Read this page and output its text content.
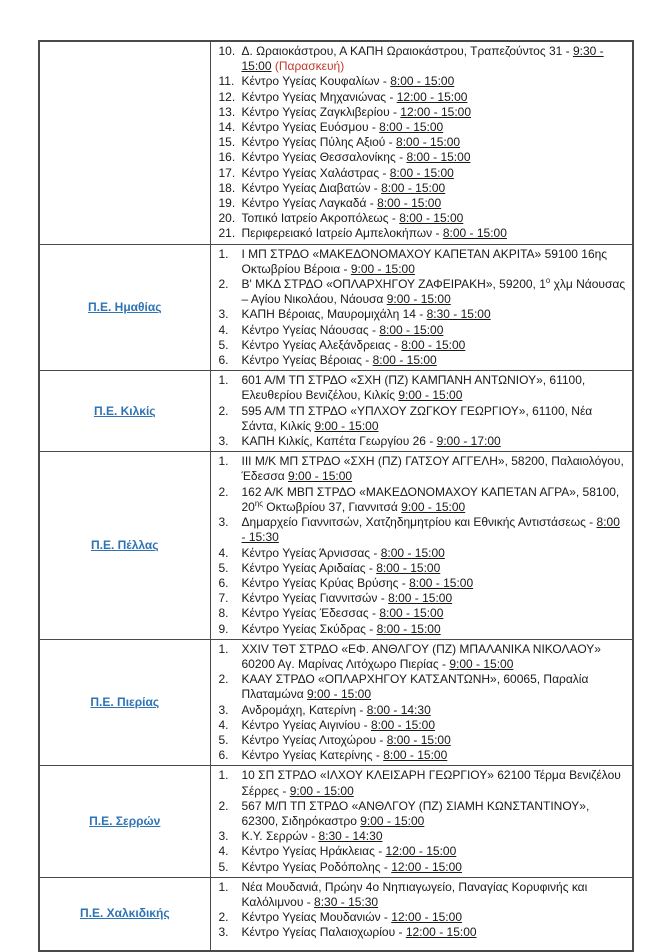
10. Δ. Ωραιοκάστρου, Α ΚΑΠΗ Ωραιοκάστρου, Τραπεζούντος 31 - 9:30 - 15:00 (Παρασκευή)
11. Κέντρο Υγείας Κουφαλίων - 8:00 - 15:00
12. Κέντρο Υγείας Μηχανιώνας - 12:00 - 15:00
13. Κέντρο Υγείας Ζαγκλιβερίου - 12:00 - 15:00
14. Κέντρο Υγείας Ευόσμου - 8:00 - 15:00
15. Κέντρο Υγείας Πύλης Αξιού - 8:00 - 15:00
16. Κέντρο Υγείας Θεσσαλονίκης - 8:00 - 15:00
17. Κέντρο Υγείας Χαλάστρας - 8:00 - 15:00
18. Κέντρο Υγείας Διαβατών - 8:00 - 15:00
19. Κέντρο Υγείας Λαγκαδά - 8:00 - 15:00
20. Τοπικό Ιατρείο Ακροπόλεως - 8:00 - 15:00
21. Περιφερειακό Ιατρείο Αμπελοκήπων - 8:00 - 15:00

Π.Ε. Ημαθίας	
1.	Ι ΜΠ ΣΤΡΔΟ «ΜΑΚΕΔΟΝΟΜΑΧΟΥ ΚΑΠΕΤΑΝ ΑΚΡΙΤΑ» 59100 16ης Οκτωβρίου Βέροια - 9:00 - 15:00
2.	Β' ΜΚΔ ΣΤΡΔΟ «ΟΠΛΑΡΧΗΓΟΥ ΖΑΦΕΙΡΑΚΗ», 59200, $1^o$ χλμ Νάουσας – Αγίου Νικολάου, Νάουσα 9:00 - 15:00
3.	ΚΑΠΗ Βέροιας, Μαυρομιχάλη 14 - 8:30 - 15:00
4.	Κέντρο Υγείας Νάουσας - 8:00 - 15:00
5.	Κέντρο Υγείας Αλεξάνδρειας - 8:00 - 15:00
6.	Κέντρο Υγείας Βέροιας - 8:00 - 15:00

Π.Ε. Κιλκίς	
1.	601 Α/Μ ΤΠ ΣΤΡΔΟ «ΣΧΗ (ΠΖ) ΚΑΜΠΑΝΗ ΑΝΤΩΝΙΟΥ», 61100, Ελευθερίου Βενιζέλου, Κιλκίς 9:00 - 15:00
2.	595 Α/Μ ΤΠ ΣΤΡΔΟ «ΥΠΛΧΟΥ ΖΩΓΚΟΥ ΓΕΩΡΓΙΟΥ», 61100, Νέα Σάντα, Κιλκίς 9:00 - 15:00
3.	ΚΑΠΗ Κιλκίς, Καπέτα Γεωργίου 26 - 9:00 - 17:00

Π.Ε. Πέλλας	
1.	III Μ/Κ ΜΠ ΣΤΡΔΟ «ΣΧΗ (ΠΖ) ΓΑΤΣΟΥ ΑΓΓΕΛΗ», 58200, Παλαιολόγου, Έδεσσα 9:00 - 15:00
2.	162 Α/Κ ΜΒΠ ΣΤΡΔΟ «ΜΑΚΕΔΟΝΟΜΑΧΟΥ ΚΑΠΕΤΑΝ ΑΓΡΑ», 58100, $20^{\eta\varsigma}$ Οκτωβρίου 37, Γιαννιτσά 9:00 - 15:00
3.	Δημαρχείο Γιαννιτσών, Χατζηδημητρίου και Εθνικής Αντιστάσεως - 8:00 - 15:30
4.	Κέντρο Υγείας Άρνισσας - 8:00 - 15:00
5.	Κέντρο Υγείας Αριδαίας - 8:00 - 15:00
6.	Κέντρο Υγείας Κρύας Βρύσης - 8:00 - 15:00
7.	Κέντρο Υγείας Γιαννιτσών - 8:00 - 15:00
8.	Κέντρο Υγείας Έδεσσας - 8:00 - 15:00
9.	Κέντρο Υγείας Σκύδρας - 8:00 - 15:00

Π.Ε. Πιερίας	
1.	XXIV ΤΘΤ ΣΤΡΔΟ «ΕΦ. ΑΝΘΛΓΟΥ (ΠΖ) ΜΠΑΛΑΝΙΚΑ ΝΙΚΟΛΑΟΥ» 60200 Αγ. Μαρίνας Λιτόχωρο Πιερίας - 9:00 - 15:00
2.	ΚΑΑΥ ΣΤΡΔΟ «ΟΠΛΑΡΧΗΓΟΥ ΚΑΤΣΑΝΤΩΝΗ», 60065, Παραλία Πλαταμώνα 9:00 - 15:00
3.	Ανδρομάχη, Κατερίνη - 8:00 - 14:30
4.	Κέντρο Υγείας Αιγινίου - 8:00 - 15:00
5.	Κέντρο Υγείας Λιτοχώρου - 8:00 - 15:00
6.	Κέντρο Υγείας Κατερίνης - 8:00 - 15:00

Π.Ε. Σερρών	
1.	10 ΣΠ ΣΤΡΔΟ «ΙΛΧΟΥ ΚΛΕΙΣΑΡΗ ΓΕΩΡΓΙΟΥ» 62100 Τέρμα Βενιζέλου Σέρρες - 9:00 - 15:00
2.	567 Μ/Π ΤΠ ΣΤΡΔΟ «ΑΝΘΛΓΟΥ (ΠΖ) ΣΙΑΜΗ ΚΩΝΣΤΑΝΤΙΝΟΥ», 62300, Σιδηρόκαστρο 9:00 - 15:00
3.	Κ.Υ. Σερρών - 8:30 - 14:30
4.	Κέντρο Υγείας Ηράκλειας - 12:00 - 15:00
5.	Κέντρο Υγείας Ροδόπολης - 12:00 - 15:00

Π.Ε. Χαλκιδικής	
1.	Νέα Μουδανιά, Πρώην 4ο Νηπιαγωγείο, Παναγίας Κορυφινής και Καλόλιμνου - 8:30 - 15:30
2.	Κέντρο Υγείας Μουδανιών - 12:00 - 15:00
3.	Κέντρο Υγείας Παλαιοχωρίου - 12:00 - 15:00
